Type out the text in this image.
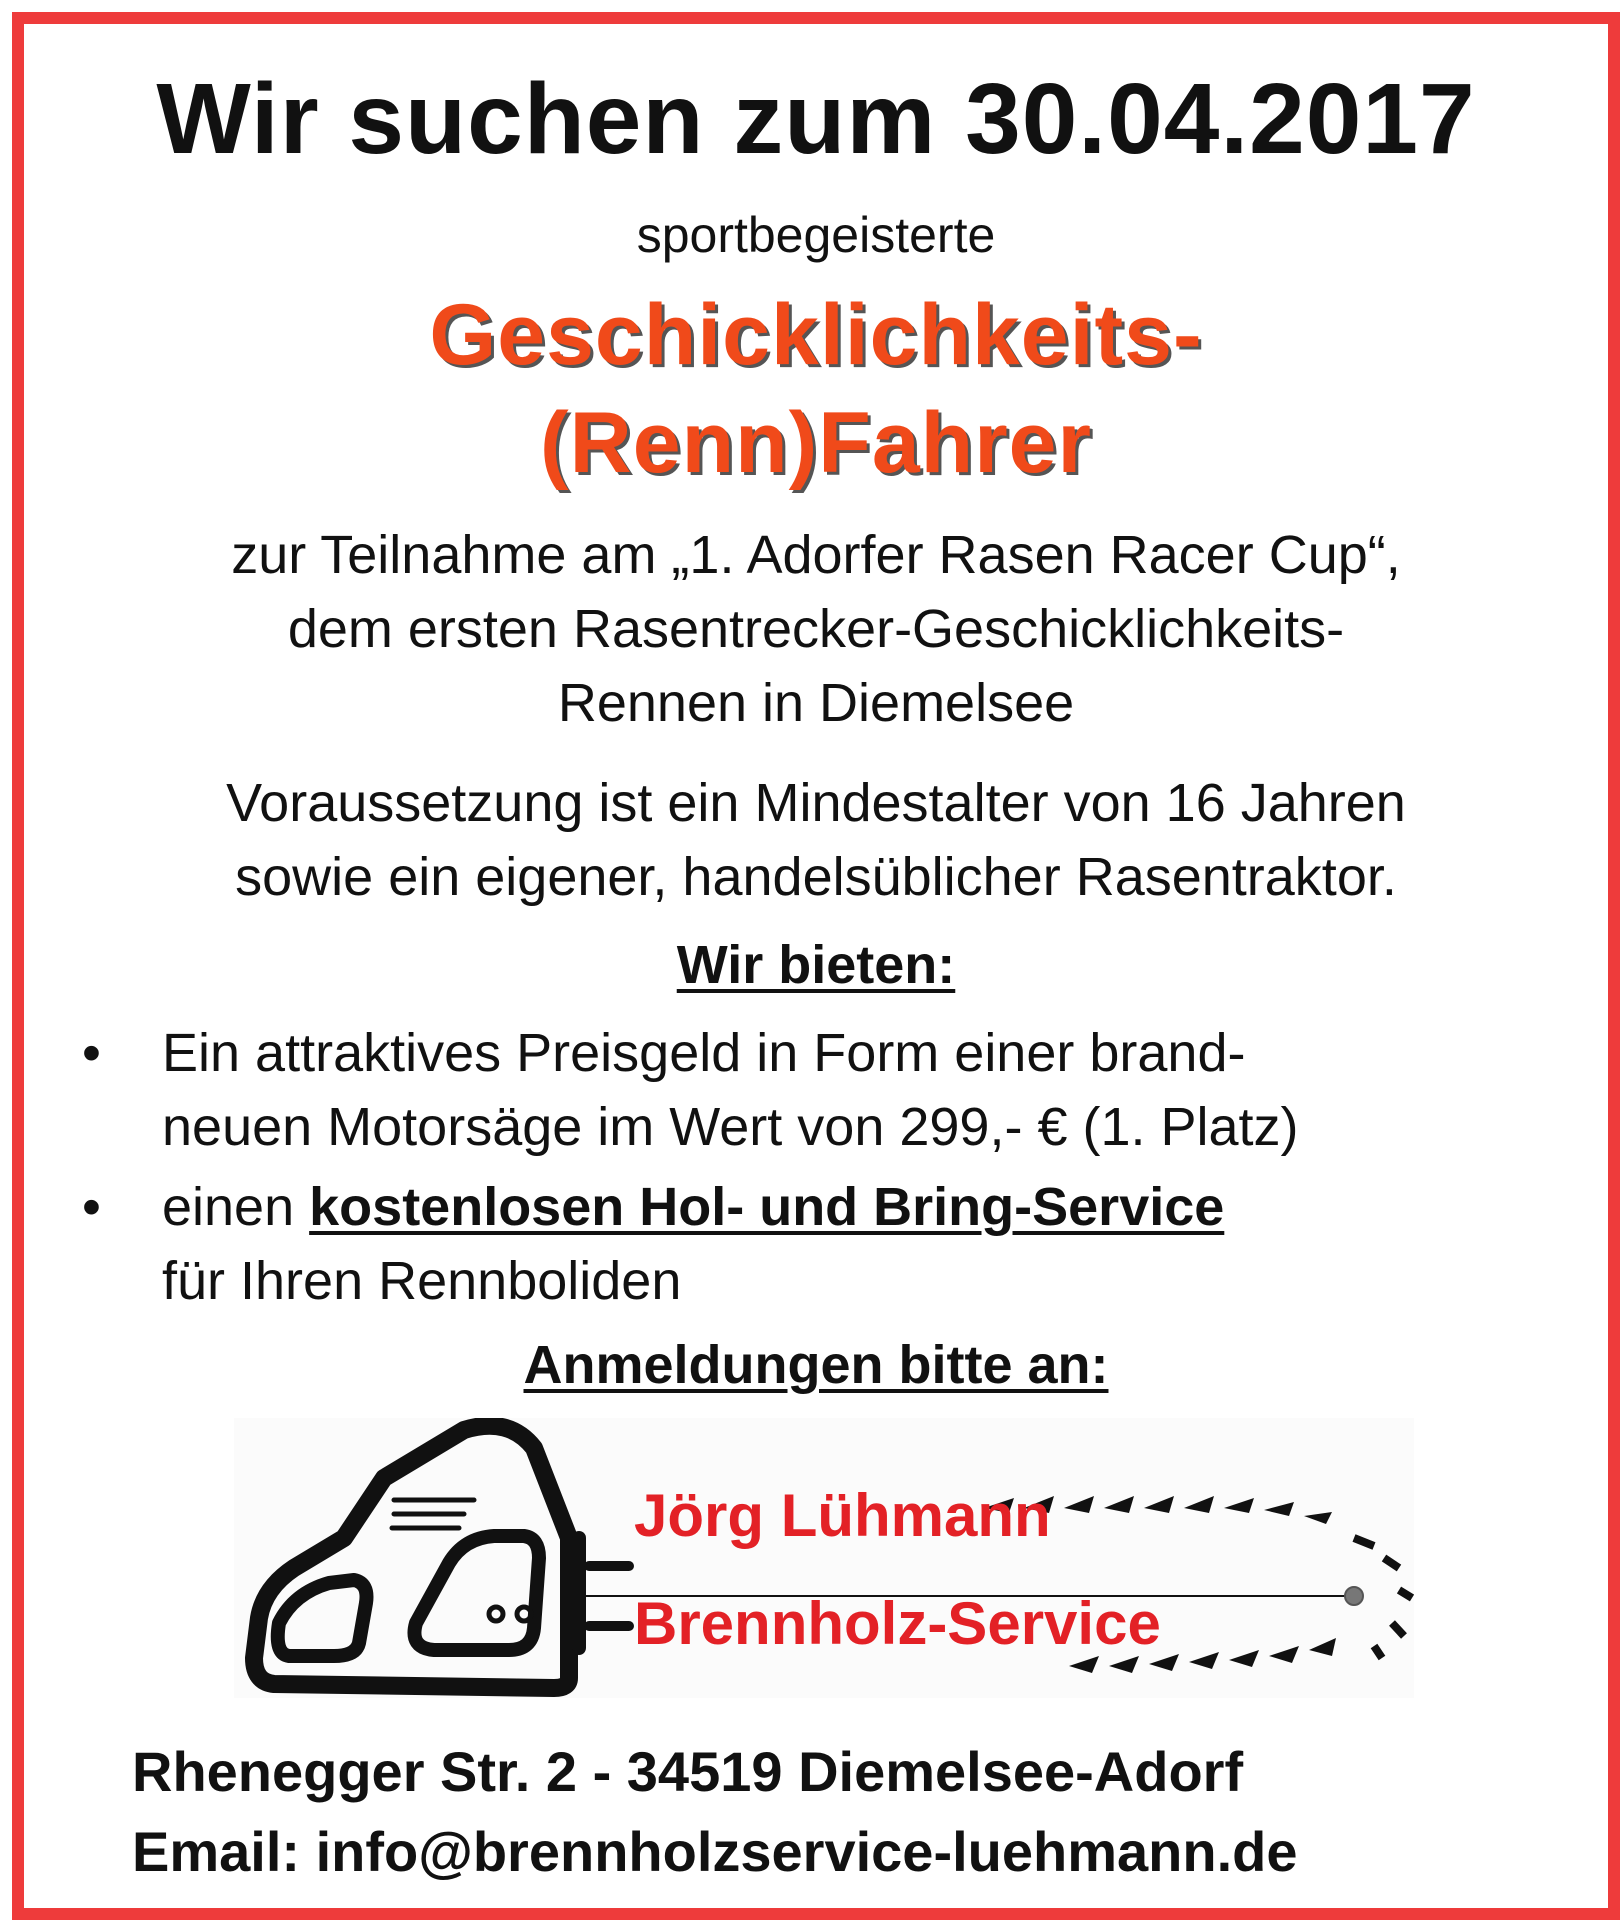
Wir suchen zum 30.04.2017
sportbegeisterte
Geschicklichkeits-
(Renn)Fahrer
zur Teilnahme am „1. Adorfer Rasen Racer Cup“,
dem ersten Rasentrecker-Geschicklichkeits-
Rennen in Diemelsee
Voraussetzung ist ein Mindestalter von 16 Jahren
sowie ein eigener, handelsüblicher Rasentraktor.
Wir bieten:
•	Ein attraktives Preisgeld in Form einer brand-
neuen Motorsäge im Wert von 299,- € (1. Platz)
•	einen kostenlosen Hol- und Bring-Service
für Ihren Rennboliden
Anmeldungen bitte an:
Jörg Lühmann
Brennholz-Service
Rhenegger Str. 2 - 34519 Diemelsee-Adorf
Email: info@brennholzservice-luehmann.de
